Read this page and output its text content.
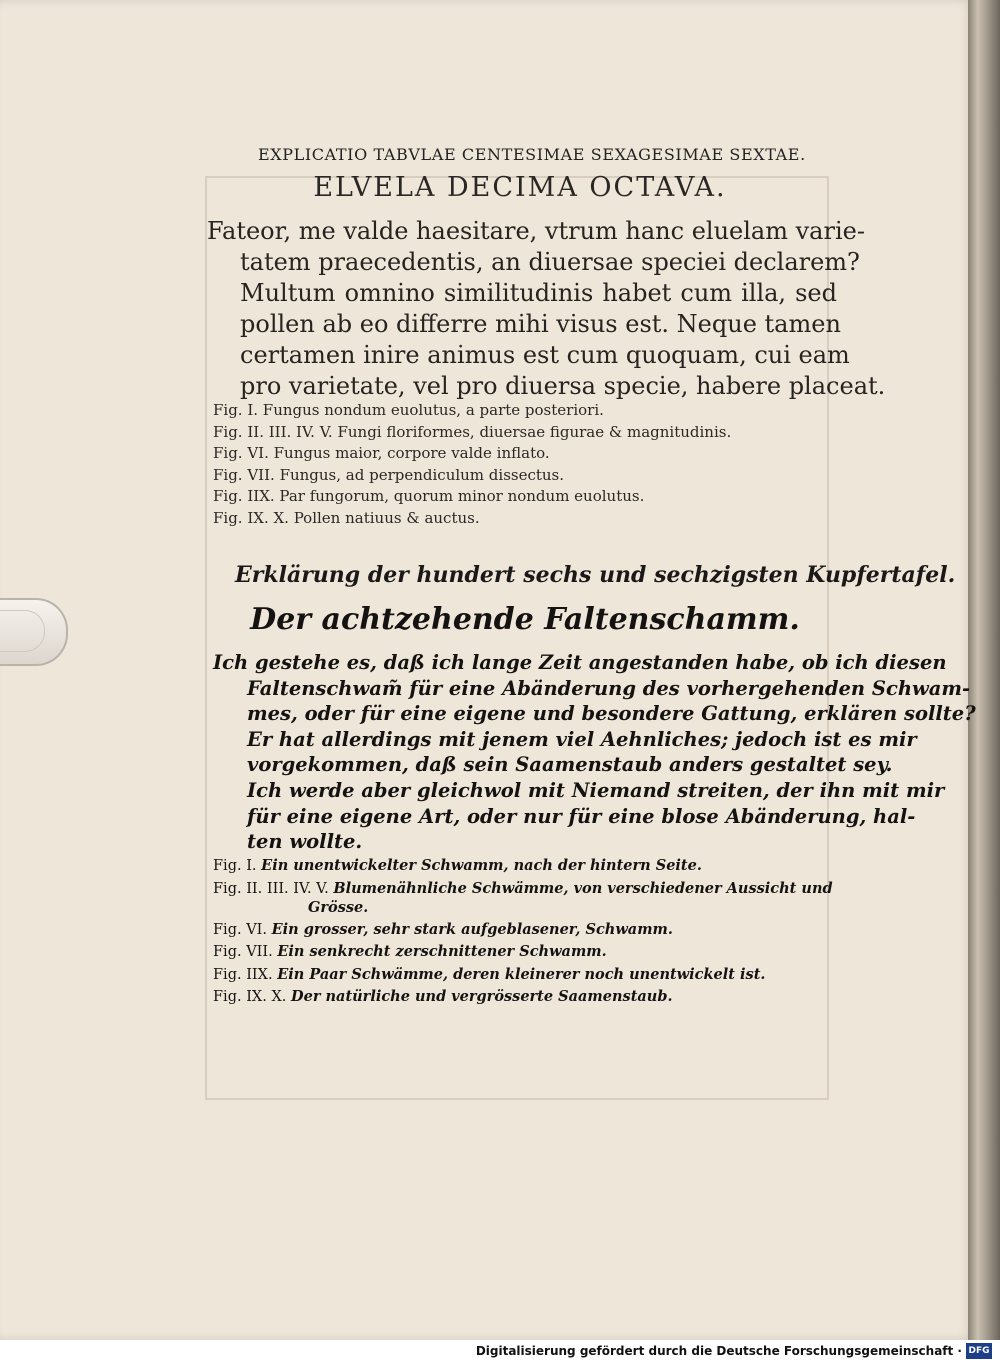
EXPLICATIO TABVLAE CENTESIMAE SEXAGESIMAE SEXTAE.
ELVELA DECIMA OCTAVA.
Fateor, me valde haesitare, vtrum hanc eluelam varie-
tatem praecedentis, an diuersae speciei declarem?
Multum omnino similitudinis habet cum illa, sed
pollen ab eo differre mihi visus est. Neque tamen
certamen inire animus est cum quoquam, cui eam
pro varietate, vel pro diuersa specie, habere placeat.
Fig. I. Fungus nondum euolutus, a parte posteriori.
Fig. II. III. IV. V. Fungi floriformes, diuersae figurae & magnitudinis.
Fig. VI. Fungus maior, corpore valde inflato.
Fig. VII. Fungus, ad perpendiculum dissectus.
Fig. IIX. Par fungorum, quorum minor nondum euolutus.
Fig. IX. X. Pollen natiuus & auctus.
Erklärung der hundert sechs und sechzigsten Kupfertafel.
Der achtzehende Faltenschamm.
Ich gestehe es, daß ich lange Zeit angestanden habe, ob ich diesen
Faltenschwam̃ für eine Abänderung des vorhergehenden Schwam-
mes, oder für eine eigene und besondere Gattung, erklären sollte?
Er hat allerdings mit jenem viel Aehnliches; jedoch ist es mir
vorgekommen, daß sein Saamenstaub anders gestaltet sey.
Ich werde aber gleichwol mit Niemand streiten, der ihn mit mir
für eine eigene Art, oder nur für eine blose Abänderung, hal-
ten wollte.
Fig. I. Ein unentwickelter Schwamm, nach der hintern Seite.
Fig. II. III. IV. V. Blumenähnliche Schwämme, von verschiedener Aussicht und
Grösse.
Fig. VI. Ein grosser, sehr stark aufgeblasener, Schwamm.
Fig. VII. Ein senkrecht zerschnittener Schwamm.
Fig. IIX. Ein Paar Schwämme, deren kleinerer noch unentwickelt ist.
Fig. IX. X. Der natürliche und vergrösserte Saamenstaub.
Digitalisierung gefördert durch die Deutsche Forschungsgemeinschaft · DFG
